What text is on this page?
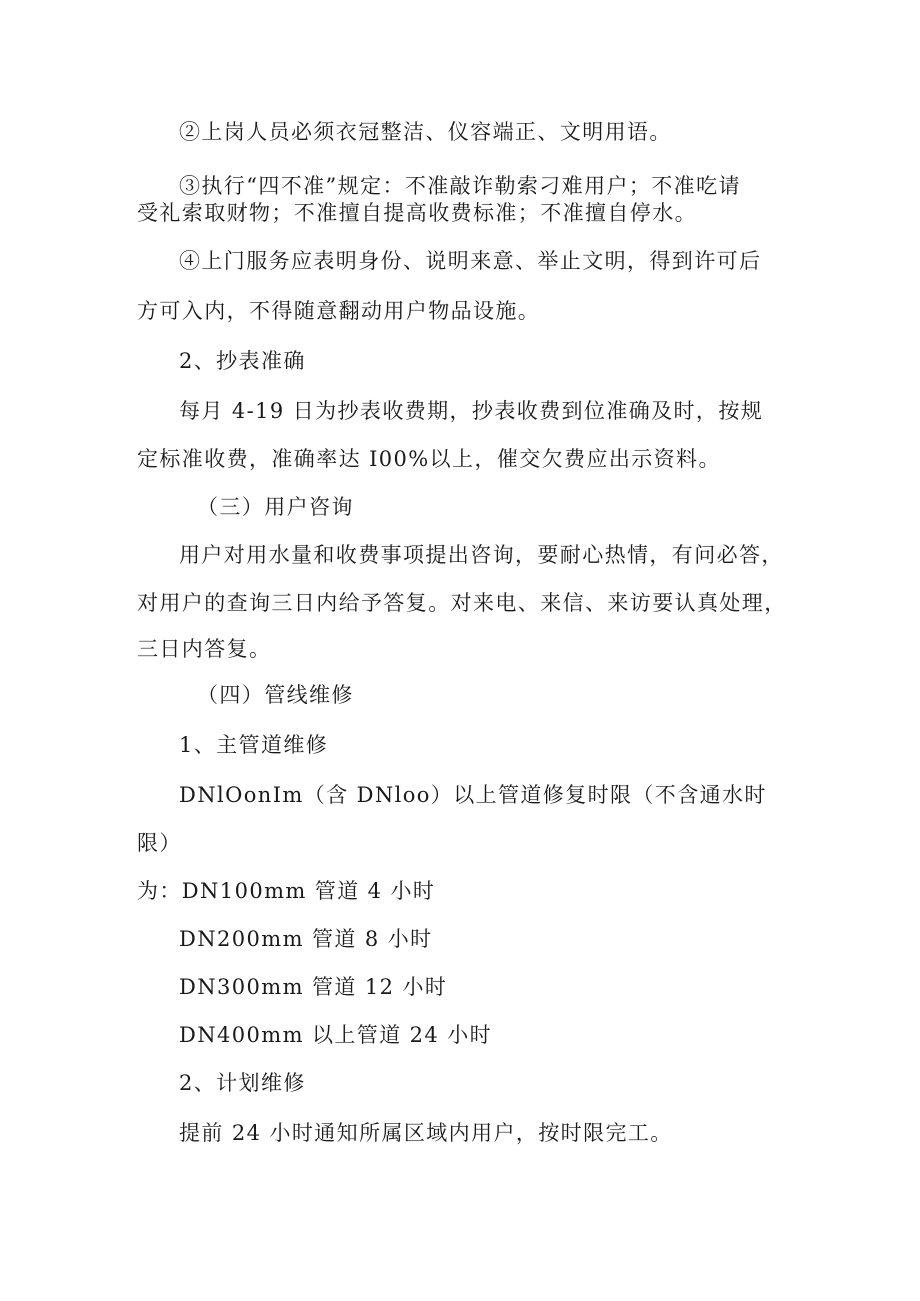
②上岗人员必须衣冠整洁、仪容端正、文明用语。
③执行“四不准”规定：不准敲诈勒索刁难用户；不准吃请
受礼索取财物；不准擅自提高收费标准；不准擅自停水。
④上门服务应表明身份、说明来意、举止文明，得到许可后
方可入内，不得随意翻动用户物品设施。
2、抄表准确
每月 4-19 日为抄表收费期，抄表收费到位准确及时，按规
定标准收费，准确率达 I00%以上，催交欠费应出示资料。
（三）用户咨询
用户对用水量和收费事项提出咨询，要耐心热情，有问必答，
对用户的查询三日内给予答复。对来电、来信、来访要认真处理，
三日内答复。
（四）管线维修
1、主管道维修
DNlOonIm（含 DNloo）以上管道修复时限（不含通水时
限）
为：DN100mm 管道 4 小时
DN200mm 管道 8 小时
DN300mm 管道 12 小时
DN400mm 以上管道 24 小时
2、计划维修
提前 24 小时通知所属区域内用户，按时限完工。
